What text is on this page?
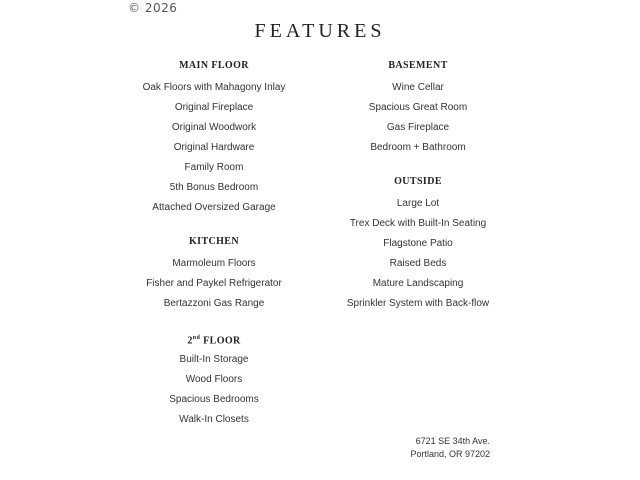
© 2026
FEATURES
MAIN FLOOR
Oak Floors with Mahagony Inlay
Original Fireplace
Original Woodwork
Original Hardware
Family Room
5th Bonus Bedroom
Attached Oversized Garage
KITCHEN
Marmoleum Floors
Fisher and Paykel Refrigerator
Bertazzoni Gas Range
2nd FLOOR
Built-In Storage
Wood Floors
Spacious Bedrooms
Walk-In Closets
BASEMENT
Wine Cellar
Spacious Great Room
Gas Fireplace
Bedroom + Bathroom
OUTSIDE
Large Lot
Trex Deck with Built-In Seating
Flagstone Patio
Raised Beds
Mature Landscaping
Sprinkler System with Back-flow
6721 SE 34th Ave.
Portland, OR 97202
